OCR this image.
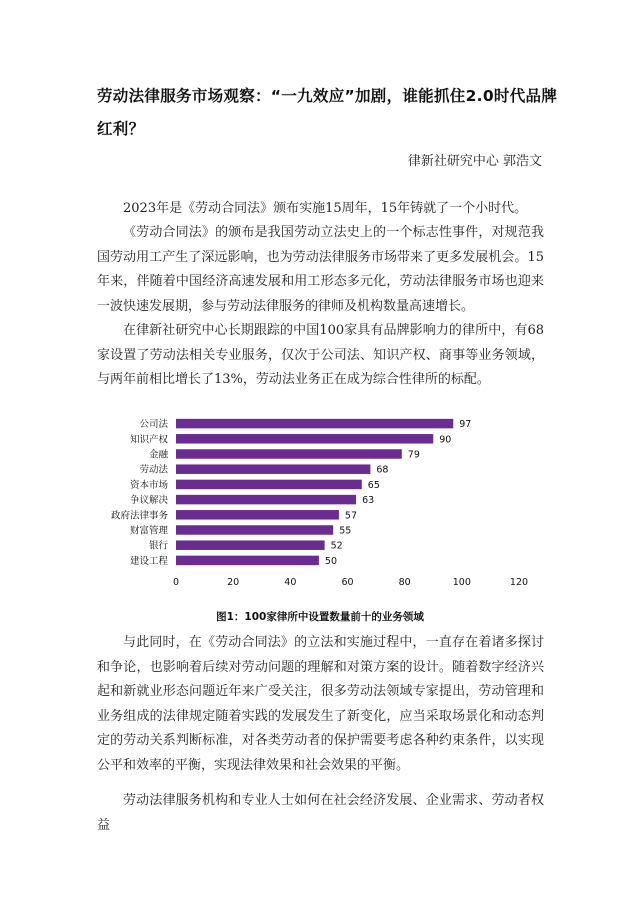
劳动法律服务市场观察：“一九效应”加剧，谁能抓住2.0时代品牌红利？
律新社研究中心 郭浩文

2023年是《劳动合同法》颁布实施15周年，15年铸就了一个小时代。

《劳动合同法》的颁布是我国劳动立法史上的一个标志性事件，对规范我国劳动用工产生了深远影响，也为劳动法律服务市场带来了更多发展机会。15年来，伴随着中国经济高速发展和用工形态多元化，劳动法律服务市场也迎来一波快速发展期，参与劳动法律服务的律师及机构数量高速增长。

在律新社研究中心长期跟踪的中国100家具有品牌影响力的律所中，有68家设置了劳动法相关专业服务，仅次于公司法、知识产权、商事等业务领域，与两年前相比增长了13%，劳动法业务正在成为综合性律所的标配。

公司法	97
知识产权	90
金融	79
劳动法	68
资本市场	65
争议解决	63
政府法律事务	57
财富管理	55
银行	52
建设工程	50
0	20	40	60	80	100	120
图1：100家律所中设置数量前十的业务领域

与此同时，在《劳动合同法》的立法和实施过程中，一直存在着诸多探讨和争论，也影响着后续对劳动问题的理解和对策方案的设计。随着数字经济兴起和新就业形态问题近年来广受关注，很多劳动法领域专家提出，劳动管理和业务组成的法律规定随着实践的发展发生了新变化，应当采取场景化和动态判定的劳动关系判断标准，对各类劳动者的保护需要考虑各种约束条件，以实现公平和效率的平衡，实现法律效果和社会效果的平衡。

劳动法律服务机构和专业人士如何在社会经济发展、企业需求、劳动者权益
